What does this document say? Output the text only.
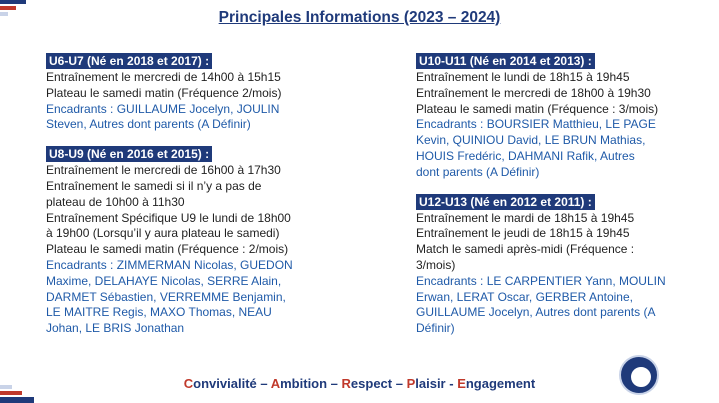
Principales Informations (2023 – 2024)
U6-U7 (Né en 2018 et 2017) :
Entraînement le mercredi de 14h00 à 15h15
Plateau le samedi matin (Fréquence 2/mois)
Encadrants : GUILLAUME Jocelyn, JOULIN
Steven, Autres dont parents (A Définir)
U8-U9 (Né en 2016 et 2015) :
Entraînement le mercredi de 16h00 à 17h30
Entraînement le samedi si il n’y a pas de
plateau de 10h00 à 11h30
Entraînement Spécifique U9 le lundi de 18h00
à 19h00 (Lorsqu’il y aura plateau le samedi)
Plateau le samedi matin (Fréquence : 2/mois)
Encadrants : ZIMMERMAN Nicolas, GUEDON
Maxime, DELAHAYE Nicolas, SERRE Alain,
DARMET Sébastien, VERREMME Benjamin,
LE MAITRE Regis, MAXO Thomas, NEAU
Johan, LE BRIS Jonathan
U10-U11 (Né en 2014 et 2013) :
Entraînement le lundi de 18h15 à 19h45
Entraînement le mercredi de 18h00 à 19h30
Plateau le samedi matin (Fréquence : 3/mois)
Encadrants : BOURSIER Matthieu, LE PAGE
Kevin, QUINIOU David, LE BRUN Mathias,
HOUIS Fredéric, DAHMANI Rafik, Autres
dont parents (A Définir)
U12-U13 (Né en 2012 et 2011) :
Entraînement le mardi de 18h15 à 19h45
Entraînement le jeudi de 18h15 à 19h45
Match le samedi après-midi (Fréquence :
3/mois)
Encadrants : LE CARPENTIER Yann, MOULIN
Erwan, LERAT Oscar, GERBER Antoine,
GUILLAUME Jocelyn, Autres dont parents (A
Définir)
Convivialité – Ambition – Respect – Plaisir - Engagement
